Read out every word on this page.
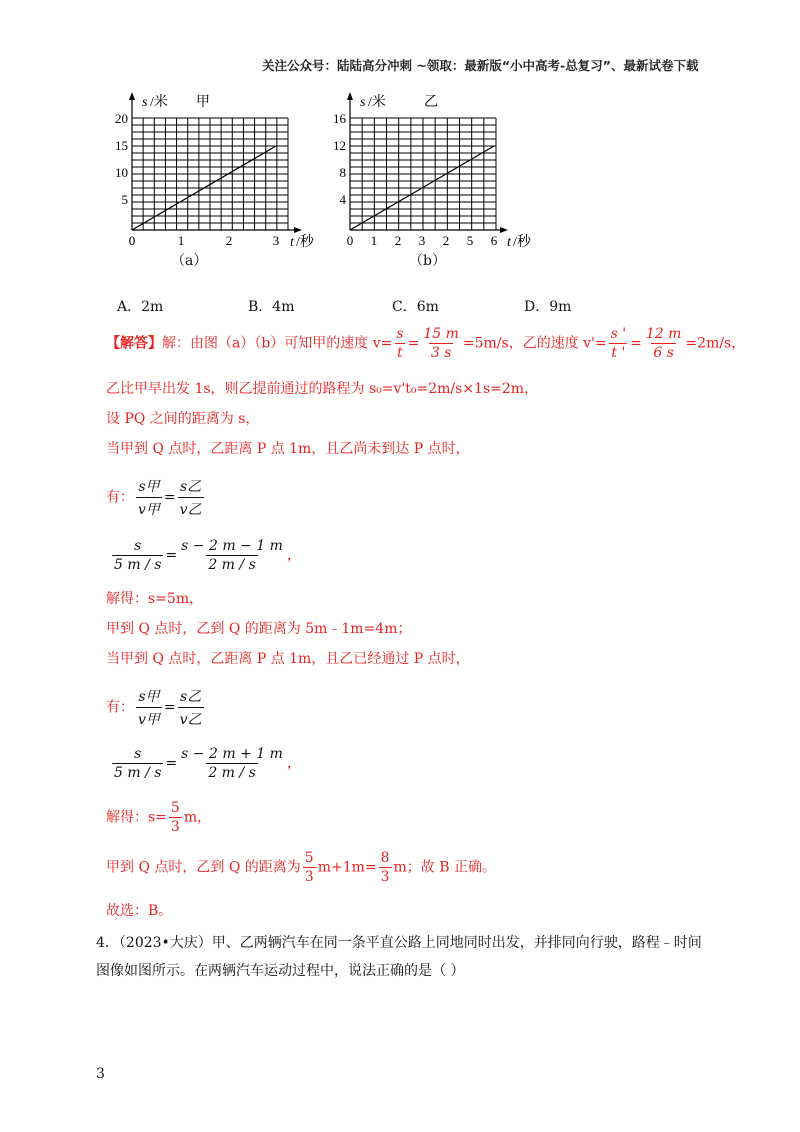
关注公众号：陆陆高分冲刺 ~领取：最新版“小中高考-总复习”、最新试卷下载
s /米 甲
20
15
10
5
0	1	2	3 t /秒
（a）
s /米	乙
16
12
8
4
0 1 2 3 2 5 6 t /秒
（b）
A．2m	B．4m	C．6m	D．9m
【解答】解：由图（a）（b）可知甲的速度 $v= \frac{s}{t} = \frac{15 m}{3 s} =5m/s$，乙的速度 $v'= \frac{s '}{t '} = \frac{12 m}{6 s} =2m/s$，
乙比甲早出发 1s，则乙提前通过的路程为 s₀=v't₀=2m/s×1s=2m，
设 PQ 之间的距离为 s，
当甲到 Q 点时，乙距离 P 点 1m，且乙尚未到达 P 点时，
有： $\frac{\text{s甲}}{\text{v甲}} = \frac{\text{s乙}}{\text{v乙}}$
$\frac{s}{5 m / s} = \frac{s - 2 m - 1 m}{2 m / s}$ ，
解得：s=5m，
甲到 Q 点时，乙到 Q 的距离为 5m﹣1m=4m；
当甲到 Q 点时，乙距离 P 点 1m，且乙已经通过 P 点时，
有： $\frac{\text{s甲}}{\text{v甲}} = \frac{\text{s乙}}{\text{v乙}}$
$\frac{s}{5 m / s} = \frac{s - 2 m + 1 m}{2 m / s}$ ，
解得：$s= \frac{5}{3}$ m，
甲到 Q 点时，乙到 Q 的距离为 $\frac{5}{3} m+1m= \frac{8}{3}$ m；故 B 正确。
故选：B。
4．（2023•大庆）甲、乙两辆汽车在同一条平直公路上同地同时出发，并排同向行驶，路程﹣时间
图像如图所示。在两辆汽车运动过程中，说法正确的是（ ）
3
